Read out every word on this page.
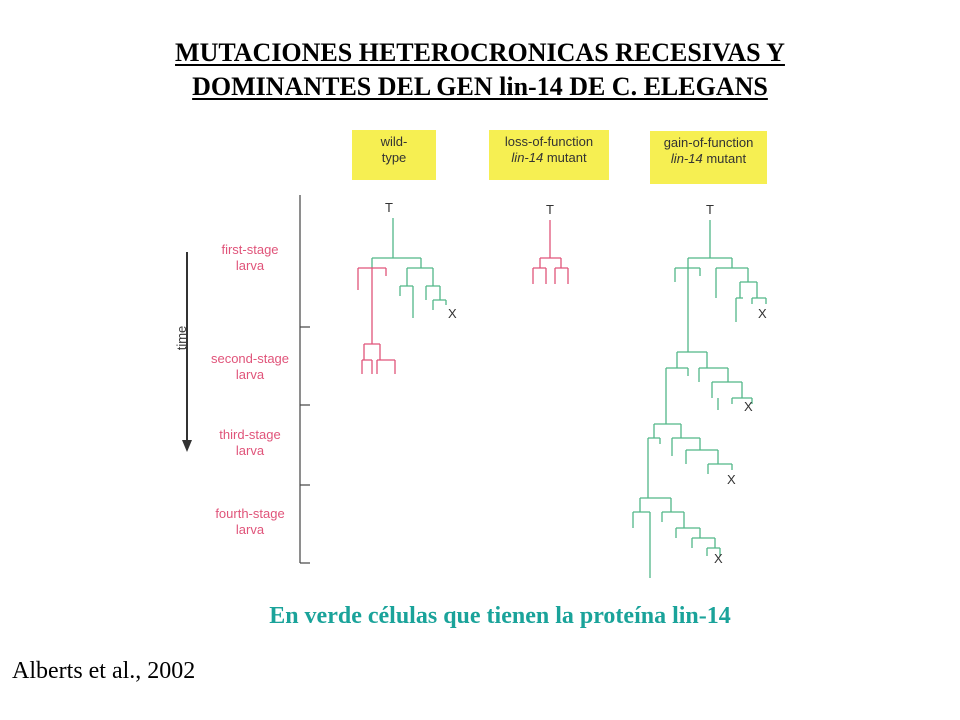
MUTACIONES HETEROCRONICAS RECESIVAS Y
DOMINANTES DEL GEN lin-14 DE C. ELEGANS
wild-
type
loss-of-function
lin-14 mutant
gain-of-function
lin-14 mutant
first-stage
larva
second-stage
larva
third-stage
larva
fourth-stage
larva
time
T
X
T	T
X
X
X
X
En verde células que tienen la proteína lin-14
Alberts et al., 2002
